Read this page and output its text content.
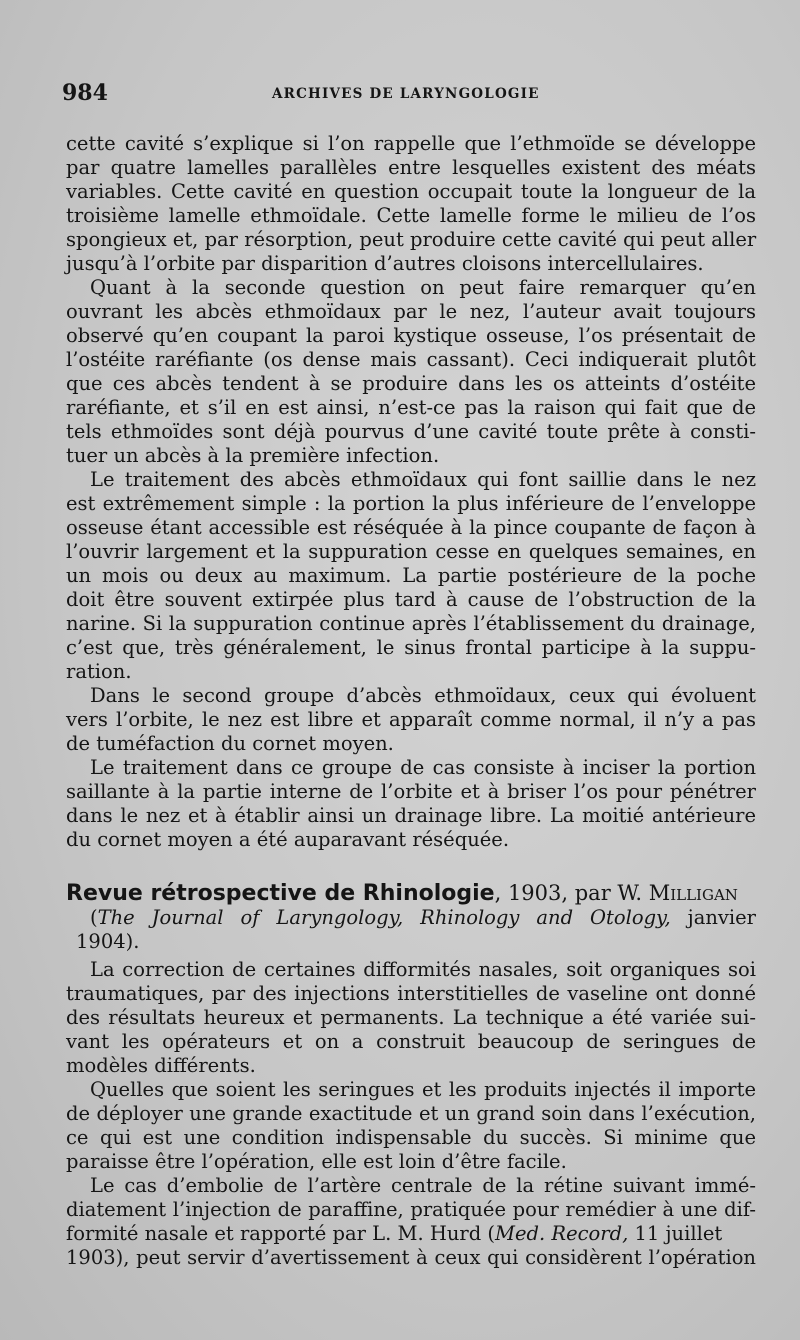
984	ARCHIVES DE LARYNGOLOGIE
cette cavité s’explique si l’on rappelle que l’ethmoïde se développe
par quatre lamelles parallèles entre lesquelles existent des méats
variables. Cette cavité en question occupait toute la longueur de la
troisième lamelle ethmoïdale. Cette lamelle forme le milieu de l’os
spongieux et, par résorption, peut produire cette cavité qui peut aller
jusqu’à l’orbite par disparition d’autres cloisons intercellulaires.
Quant à la seconde question on peut faire remarquer qu’en
ouvrant les abcès ethmoïdaux par le nez, l’auteur avait toujours
observé qu’en coupant la paroi kystique osseuse, l’os présentait de
l’ostéite raréfiante (os dense mais cassant). Ceci indiquerait plutôt
que ces abcès tendent à se produire dans les os atteints d’ostéite
raréfiante, et s’il en est ainsi, n’est-ce pas la raison qui fait que de
tels ethmoïdes sont déjà pourvus d’une cavité toute prête à consti-
tuer un abcès à la première infection.
Le traitement des abcès ethmoïdaux qui font saillie dans le nez
est extrêmement simple : la portion la plus inférieure de l’enveloppe
osseuse étant accessible est réséquée à la pince coupante de façon à
l’ouvrir largement et la suppuration cesse en quelques semaines, en
un mois ou deux au maximum. La partie postérieure de la poche
doit être souvent extirpée plus tard à cause de l’obstruction de la
narine. Si la suppuration continue après l’établissement du drainage,
c’est que, très généralement, le sinus frontal participe à la suppu-
ration.
Dans le second groupe d’abcès ethmoïdaux, ceux qui évoluent
vers l’orbite, le nez est libre et apparaît comme normal, il n’y a pas
de tuméfaction du cornet moyen.
Le traitement dans ce groupe de cas consiste à inciser la portion
saillante à la partie interne de l’orbite et à briser l’os pour pénétrer
dans le nez et à établir ainsi un drainage libre. La moitié antérieure
du cornet moyen a été auparavant réséquée.
Revue rétrospective de Rhinologie, 1903, par W. Milligan
(The Journal of Laryngology, Rhinology and Otology, janvier
1904).
La correction de certaines difformités nasales, soit organiques soi
traumatiques, par des injections interstitielles de vaseline ont donné
des résultats heureux et permanents. La technique a été variée sui-
vant les opérateurs et on a construit beaucoup de seringues de
modèles différents.
Quelles que soient les seringues et les produits injectés il importe
de déployer une grande exactitude et un grand soin dans l’exécution,
ce qui est une condition indispensable du succès. Si minime que
paraisse être l’opération, elle est loin d’être facile.
Le cas d’embolie de l’artère centrale de la rétine suivant immé-
diatement l’injection de paraffine, pratiquée pour remédier à une dif-
formité nasale et rapporté par L. M. Hurd (Med. Record, 11 juillet
1903), peut servir d’avertissement à ceux qui considèrent l’opération
